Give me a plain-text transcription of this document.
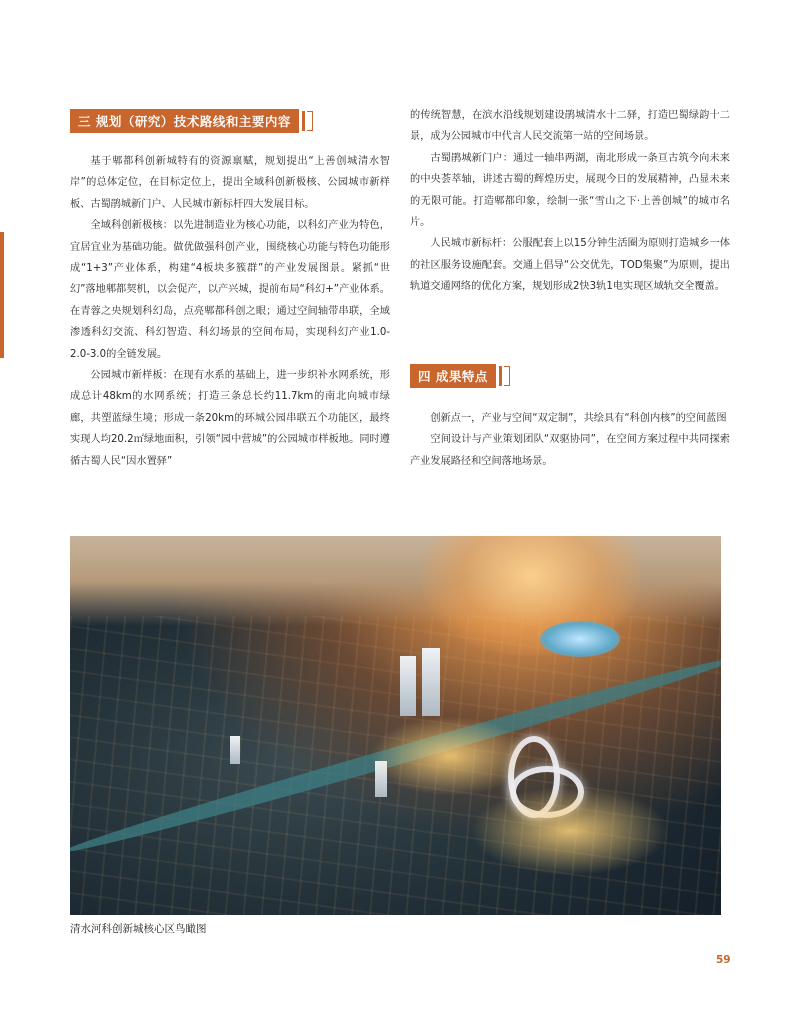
三 规划（研究）技术路线和主要内容

基于郫都科创新城特有的资源禀赋，规划提出“上善创城清水智岸”的总体定位，在目标定位上，提出全域科创新极核、公园城市新样板、古蜀鹃城新门户、人民城市新标杆四大发展目标。

全域科创新极核：以先进制造业为核心功能，以科幻产业为特色，宜居宜业为基础功能。做优做强科创产业，围绕核心功能与特色功能形成“1+3”产业体系，构建“4板块多簇群”的产业发展图景。紧抓“世幻”落地郫都契机，以会促产，以产兴城，提前布局“科幻+”产业体系。在青蓉之央规划科幻岛，点亮郫都科创之眼；通过空间轴带串联，全域渗透科幻交流、科幻智造、科幻场景的空间布局，实现科幻产业1.0-2.0-3.0的全链发展。

公园城市新样板：在现有水系的基础上，进一步织补水网系统，形成总计48km的水网系统；打造三条总长约11.7km的南北向城市绿廊，共塑蓝绿生境；形成一条20km的环城公园串联五个功能区，最终实现人均20.2㎡绿地面积，引领“园中营城”的公园城市样板地。同时遵循古蜀人民“因水置驿”

的传统智慧，在滨水沿线规划建设鹃城清水十二驿，打造巴蜀绿韵十二景，成为公园城市中代言人民交流第一站的空间场景。

古蜀鹃城新门户：通过一轴串两湖，南北形成一条亘古筑今向未来的中央荟萃轴，讲述古蜀的辉煌历史，展现今日的发展精神，凸显未来的无限可能。打造郫都印象，绘制一张“雪山之下·上善创城”的城市名片。

人民城市新标杆：公服配套上以15分钟生活圈为原则打造城乡一体的社区服务设施配套。交通上倡导“公交优先，TOD集聚”为原则，提出轨道交通网络的优化方案，规划形成2快3轨1电实现区域轨交全覆盖。

四 成果特点

创新点一，产业与空间“双定制”，共绘具有“科创内核”的空间蓝图

空间设计与产业策划团队“双驱协同”，在空间方案过程中共同探索产业发展路径和空间落地场景。

清水河科创新城核心区鸟瞰图
59
